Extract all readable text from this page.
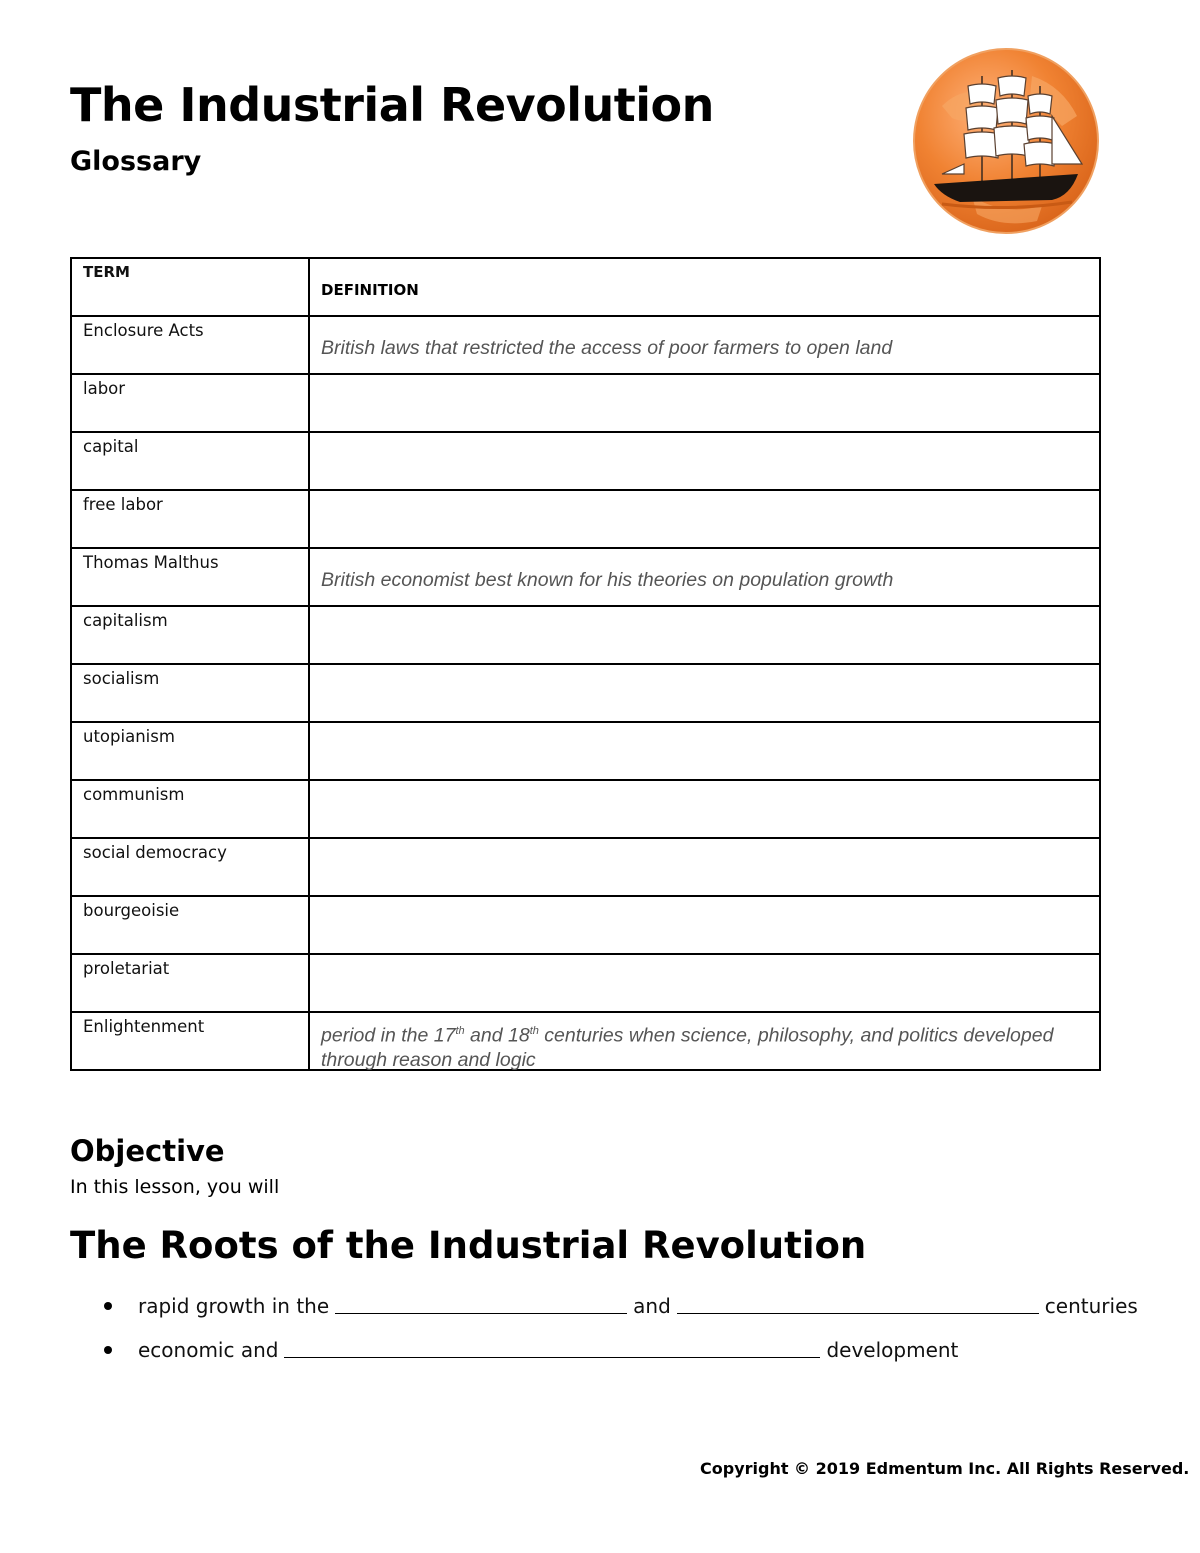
The Industrial Revolution
Glossary
TERM	DEFINITION

Enclosure Acts	British laws that restricted the access of poor farmers to open land

labor	

capital	

free labor	

Thomas Malthus	British economist best known for his theories on population growth

capitalism	

socialism	

utopianism	

communism	

social democracy	

bourgeoisie	

proletariat	

Enlightenment	period in the 17th and 18th centuries when science, philosophy, and politics developed through reason and logic
Objective

In this lesson, you will

The Roots of the Industrial Revolution
rapid growth in the	and	centuries
economic and	development

Copyright © 2019 Edmentum Inc. All Rights Reserved.
